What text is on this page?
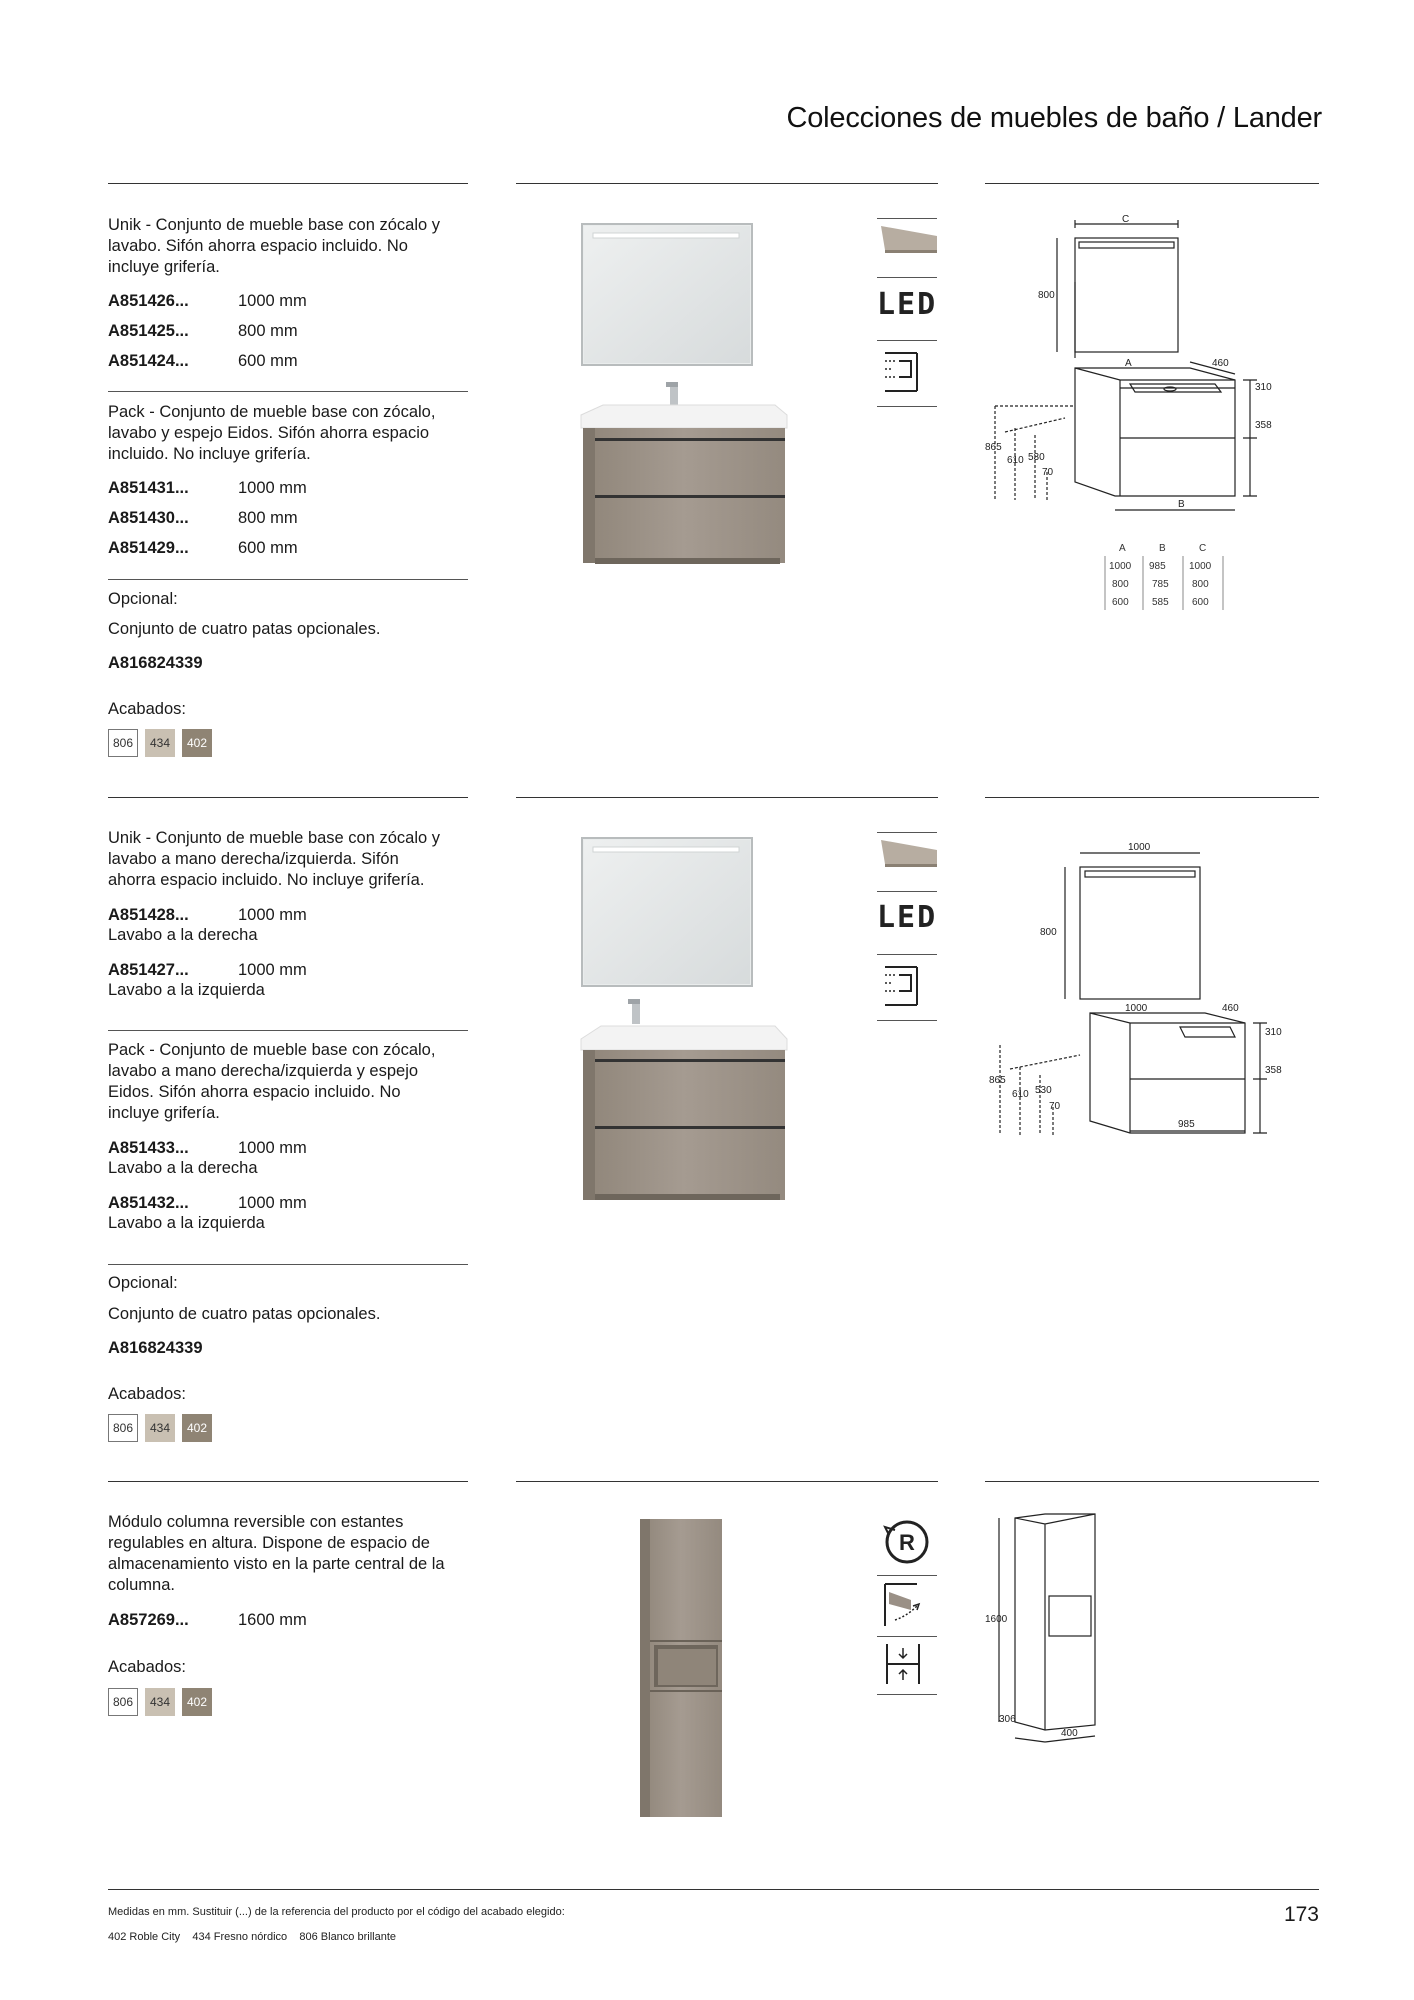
Colecciones de muebles de baño / Lander
Unik - Conjunto de mueble base con zócalo y lavabo. Sifón ahorra espacio incluido. No incluye grifería.
A851426...	1000 mm
A851425...	800 mm
A851424...	600 mm
Pack - Conjunto de mueble base con zócalo, lavabo y espejo Eidos. Sifón ahorra espacio incluido. No incluye grifería.
A851431...	1000 mm
A851430...	800 mm
A851429...	600 mm
Opcional:
Conjunto de cuatro patas opcionales.
A816824339
Acabados:
806	434	402
LED
C
800
A	460
310
358
865
610 530
70
B
A	B	C
1000 985 1000
800 785 800
600 585 600
Unik - Conjunto de mueble base con zócalo y lavabo a mano derecha/izquierda. Sifón ahorra espacio incluido. No incluye grifería.
A851428...	1000 mm
Lavabo a la derecha
A851427...	1000 mm
Lavabo a la izquierda
Pack - Conjunto de mueble base con zócalo, lavabo a mano derecha/izquierda y espejo Eidos. Sifón ahorra espacio incluido. No incluye grifería.
A851433...	1000 mm
Lavabo a la derecha
A851432...	1000 mm
Lavabo a la izquierda
Opcional:
Conjunto de cuatro patas opcionales.
A816824339
Acabados:
806	434	402
LED
1000
800
1000	460
310
358
865
610 530
70
985
Módulo columna reversible con estantes regulables en altura. Dispone de espacio de almacenamiento visto en la parte central de la columna.
A857269...	1600 mm
Acabados:
806	434	402
R
1600
306
400
Medidas en mm. Sustituir (...) de la referencia del producto por el código del acabado elegido:
402 Roble City    434 Fresno nórdico    806 Blanco brillante
173
